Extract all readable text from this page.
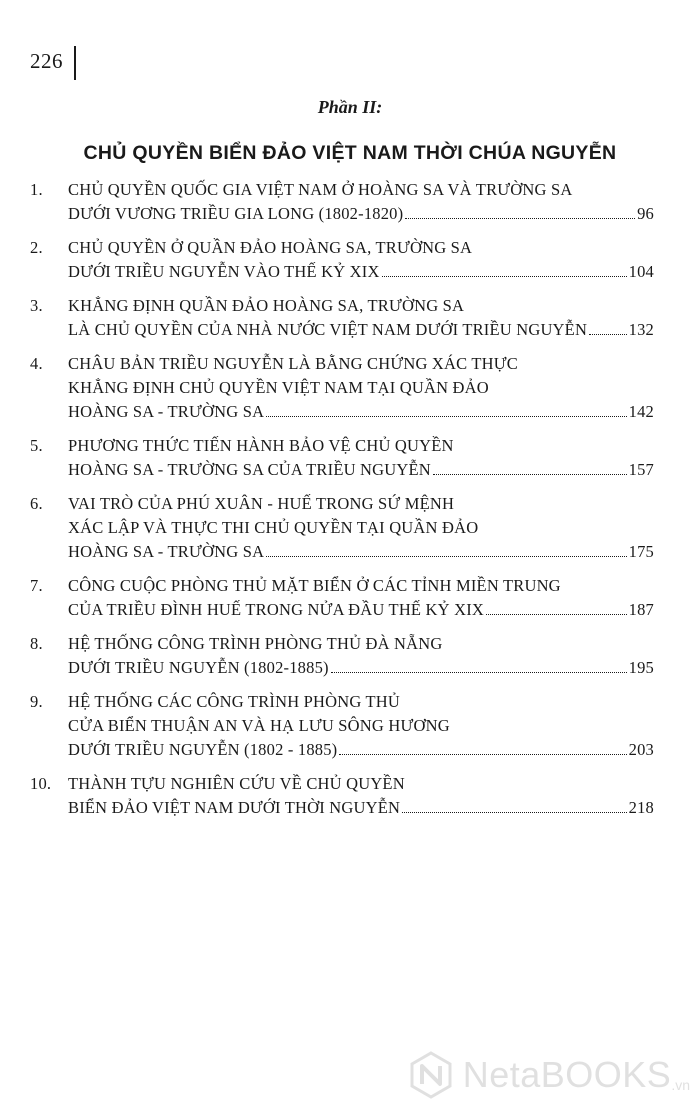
226
Phần II:
CHỦ QUYỀN BIỂN ĐẢO VIỆT NAM THỜI CHÚA NGUYỄN
1.	CHỦ QUYỀN QUỐC GIA VIỆT NAM Ở HOÀNG SA VÀ TRƯỜNG SA
DƯỚI VƯƠNG TRIỀU GIA LONG (1802-1820)	96
2.	CHỦ QUYỀN Ở QUẦN ĐẢO HOÀNG SA, TRƯỜNG SA
DƯỚI TRIỀU NGUYỄN VÀO THẾ KỶ XIX	104
3.	KHẲNG ĐỊNH QUẦN ĐẢO HOÀNG SA, TRƯỜNG SA
LÀ CHỦ QUYỀN CỦA NHÀ NƯỚC VIỆT NAM DƯỚI TRIỀU NGUYỄN	132
4.	CHÂU BẢN TRIỀU NGUYỄN LÀ BẰNG CHỨNG XÁC THỰC
KHẲNG ĐỊNH CHỦ QUYỀN VIỆT NAM TẠI QUẦN ĐẢO
HOÀNG SA - TRƯỜNG SA	142
5.	PHƯƠNG THỨC TIẾN HÀNH BẢO VỆ CHỦ QUYỀN
HOÀNG SA - TRƯỜNG SA CỦA TRIỀU NGUYỄN	157
6.	VAI TRÒ CỦA PHÚ XUÂN - HUẾ TRONG SỨ MỆNH
XÁC LẬP VÀ THỰC THI CHỦ QUYỀN TẠI QUẦN ĐẢO
HOÀNG SA - TRƯỜNG SA	175
7.	CÔNG CUỘC PHÒNG THỦ MẶT BIỂN Ở CÁC TỈNH MIỀN TRUNG
CỦA TRIỀU ĐÌNH HUẾ TRONG NỬA ĐẦU THẾ KỶ XIX	187
8.	HỆ THỐNG CÔNG TRÌNH PHÒNG THỦ ĐÀ NẴNG
DƯỚI TRIỀU NGUYỄN (1802-1885)	195
9.	HỆ THỐNG CÁC CÔNG TRÌNH PHÒNG THỦ
CỬA BIỂN THUẬN AN VÀ HẠ LƯU SÔNG HƯƠNG
DƯỚI TRIỀU NGUYỄN (1802 - 1885)	203
10.	THÀNH TỰU NGHIÊN CỨU VỀ CHỦ QUYỀN
BIỂN ĐẢO VIỆT NAM DƯỚI THỜI NGUYỄN	218
NetaBOOKS .vn
